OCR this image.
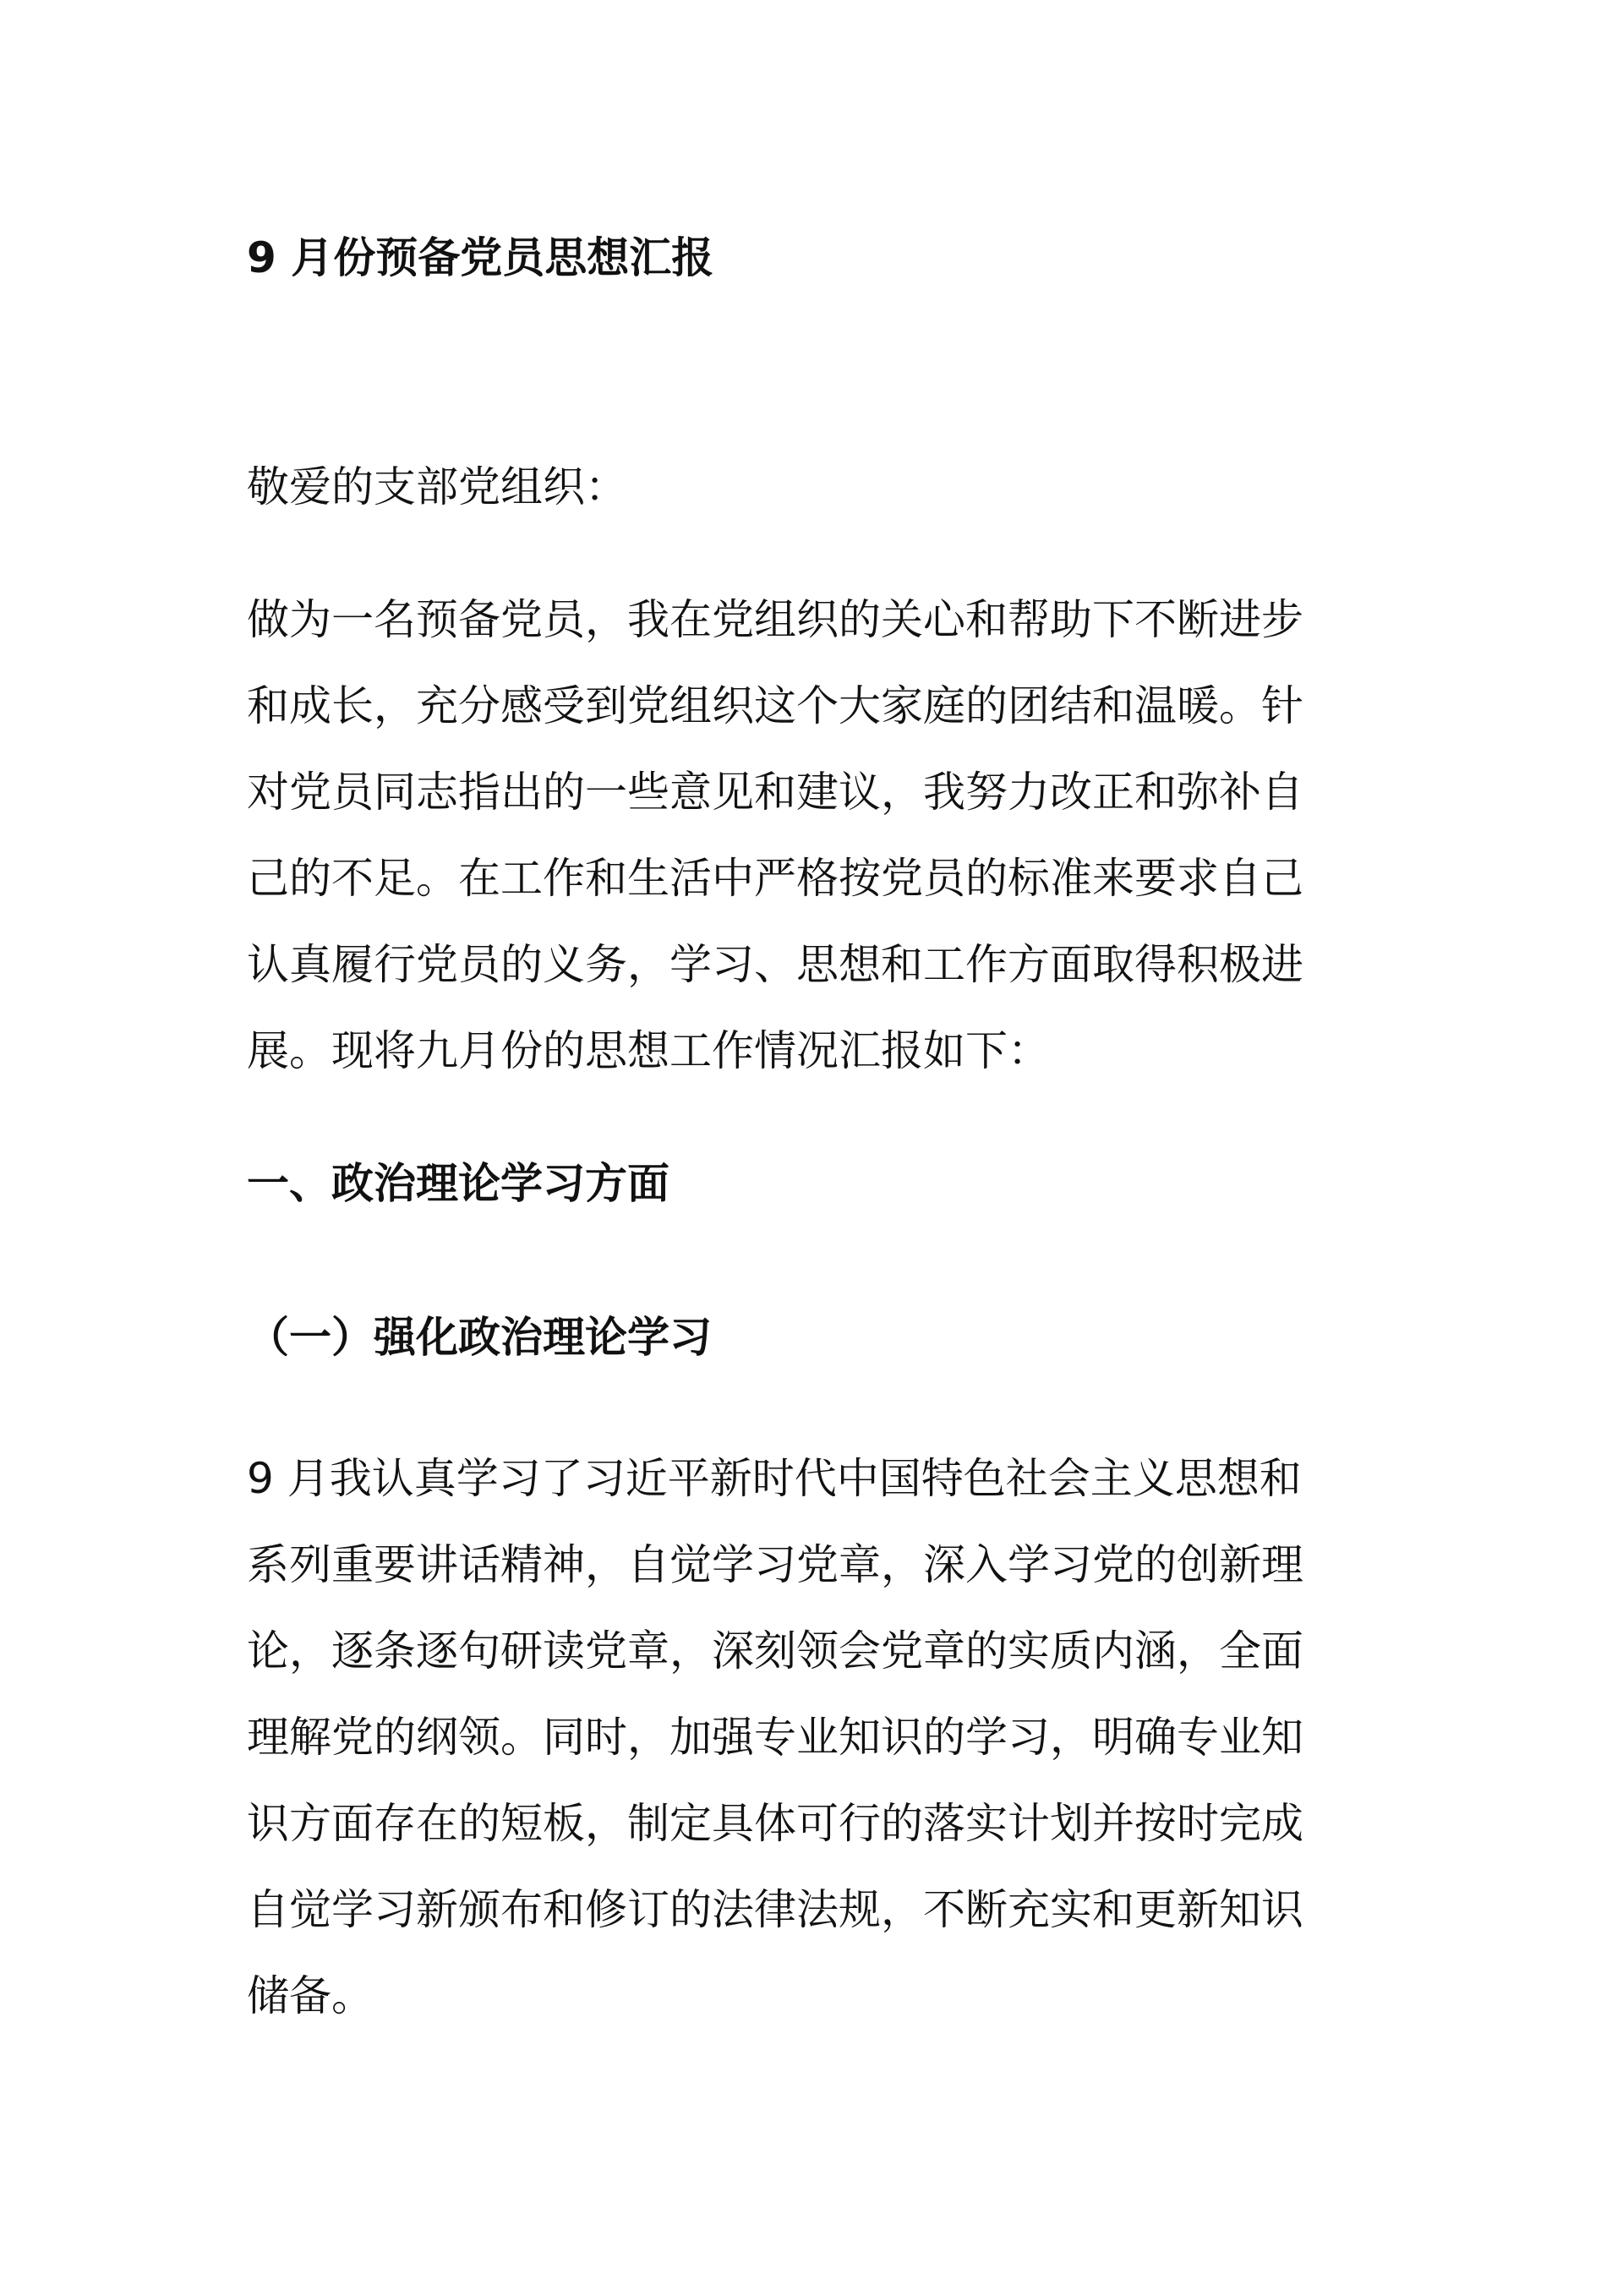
9 月份预备党员思想汇报

敬爱的支部党组织：

做为一名预备党员，我在党组织的关心和帮助下不断进步
和成长，充分感受到党组织这个大家庭的团结和温暖。针
对党员同志指出的一些意见和建议，我努力改正和弥补自
己的不足。在工作和生活中严格按党员的标准来要求自己
认真履行党员的义务，学习、思想和工作方面取得积极进
展。现将九月份的思想工作情况汇报如下：

一、政治理论学习方面
（一）强化政治理论学习

9 月我认真学习了习近平新时代中国特色社会主义思想和
系列重要讲话精神，自觉学习党章，深入学习党的创新理
论，逐条逐句研读党章，深刻领会党章的实质内涵，全面
理解党的纲领。同时，加强专业知识的学习，明确专业知
识方面存在的短板，制定具体可行的落实计划并按时完成
自觉学习新颁布和修订的法律法规，不断充实和更新知识
储备。
